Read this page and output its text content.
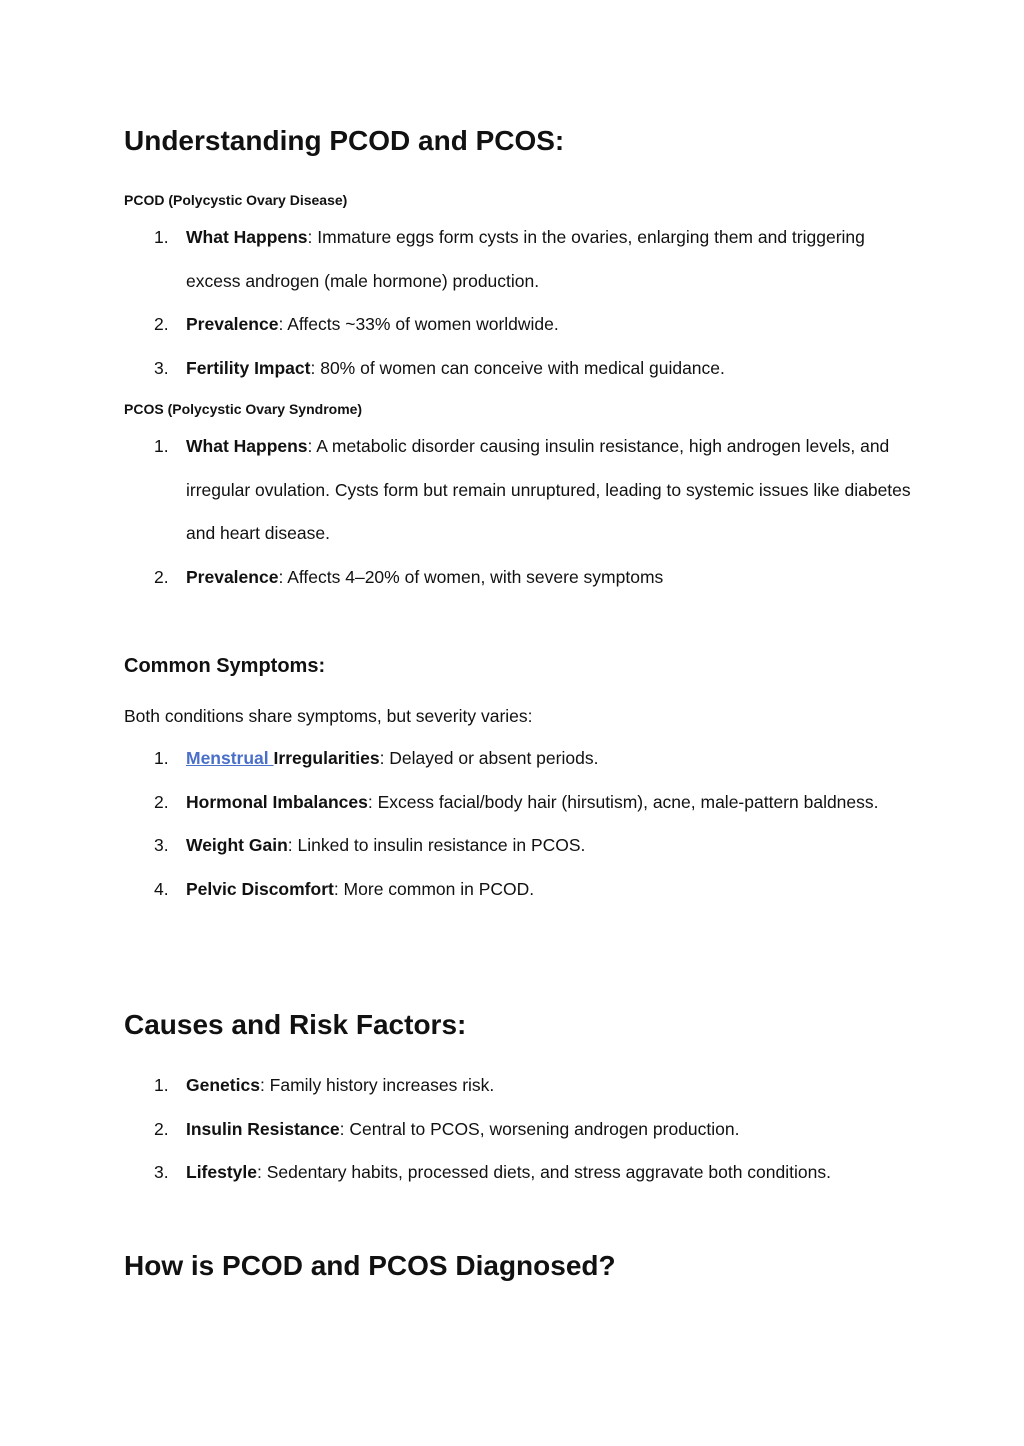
Understanding PCOD and PCOS:
PCOD (Polycystic Ovary Disease)
1. What Happens: Immature eggs form cysts in the ovaries, enlarging them and triggering excess androgen (male hormone) production.
2. Prevalence: Affects ~33% of women worldwide.
3. Fertility Impact: 80% of women can conceive with medical guidance.
PCOS (Polycystic Ovary Syndrome)
1. What Happens: A metabolic disorder causing insulin resistance, high androgen levels, and irregular ovulation. Cysts form but remain unruptured, leading to systemic issues like diabetes and heart disease.
2. Prevalence: Affects 4–20% of women, with severe symptoms
Common Symptoms:

Both conditions share symptoms, but severity varies:

1. Menstrual Irregularities: Delayed or absent periods.
2. Hormonal Imbalances: Excess facial/body hair (hirsutism), acne, male-pattern baldness.
3. Weight Gain: Linked to insulin resistance in PCOS.
4. Pelvic Discomfort: More common in PCOD.
Causes and Risk Factors:
1. Genetics: Family history increases risk.
2. Insulin Resistance: Central to PCOS, worsening androgen production.
3. Lifestyle: Sedentary habits, processed diets, and stress aggravate both conditions.
How is PCOD and PCOS Diagnosed?
